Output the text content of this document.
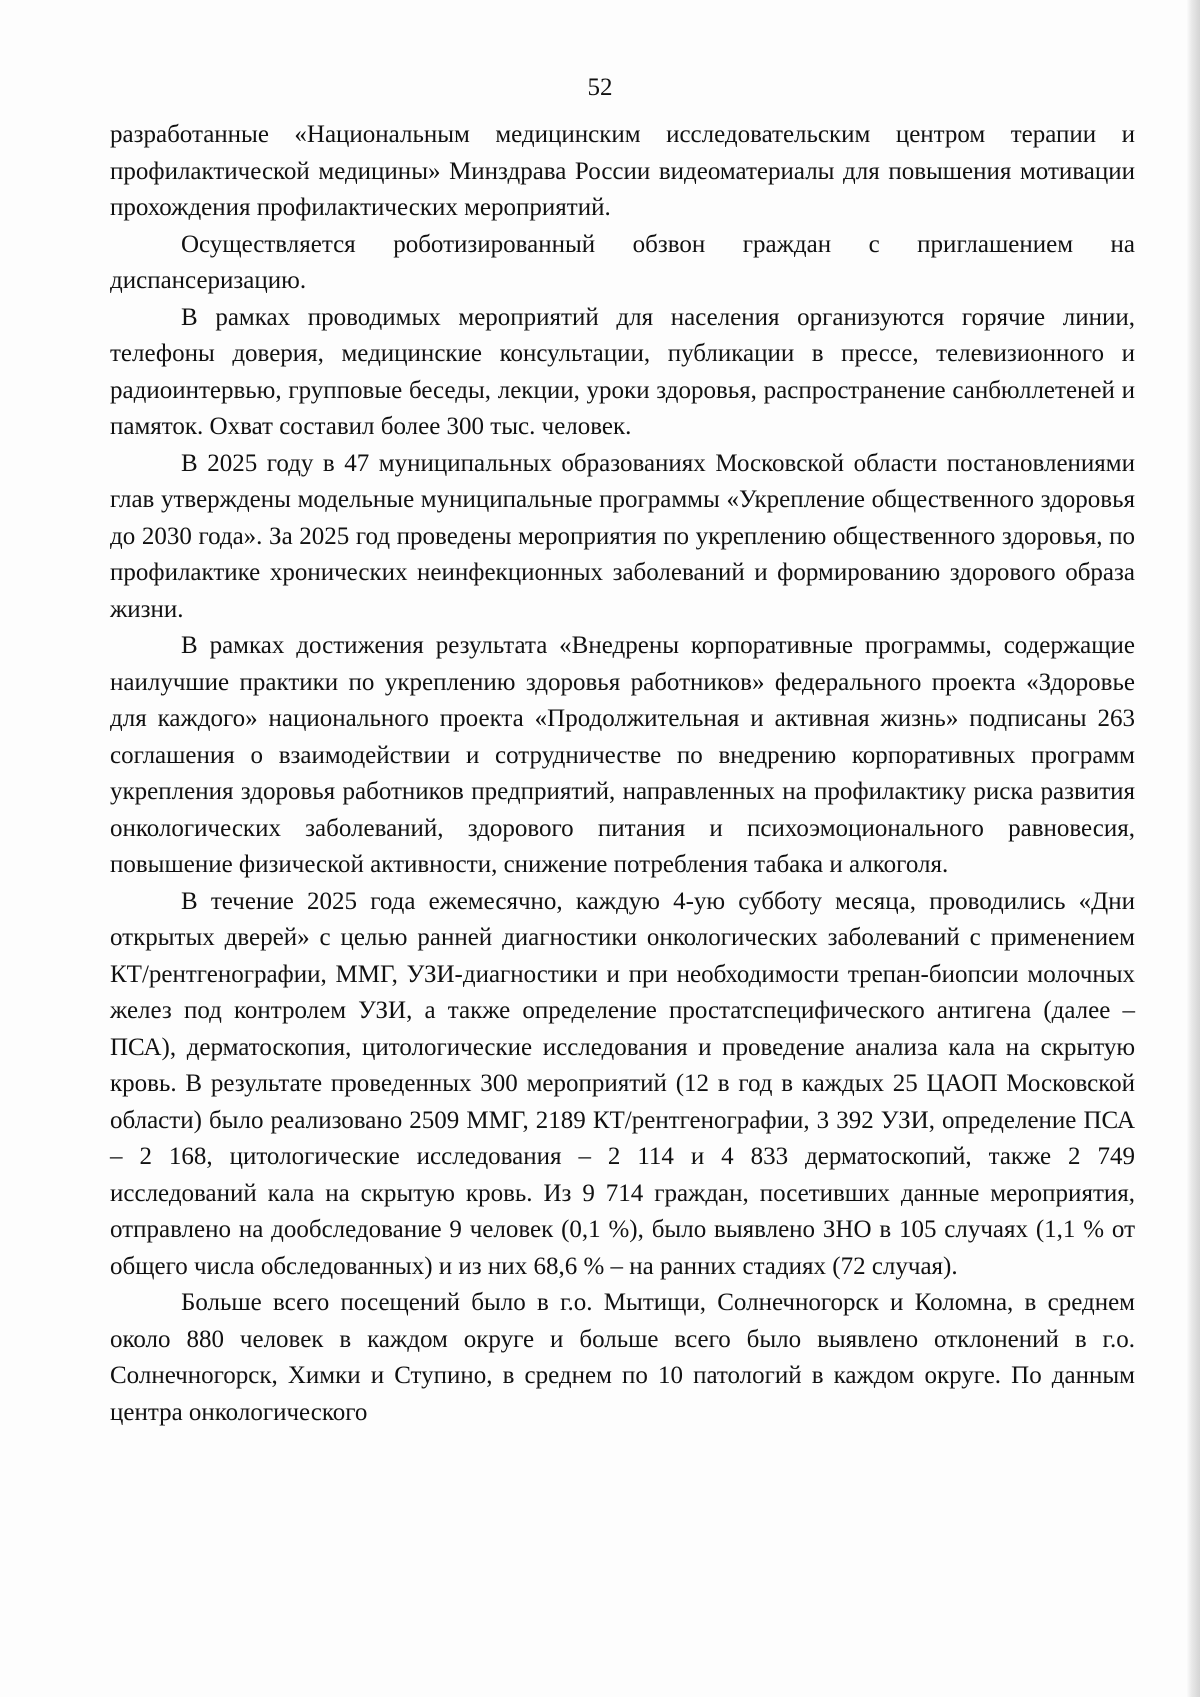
52

разработанные «Национальным медицинским исследовательским центром терапии и профилактической медицины» Минздрава России видеоматериалы для повышения мотивации прохождения профилактических мероприятий.

Осуществляется роботизированный обзвон граждан с приглашением на диспансеризацию.

В рамках проводимых мероприятий для населения организуются горячие линии, телефоны доверия, медицинские консультации, публикации в прессе, телевизионного и радиоинтервью, групповые беседы, лекции, уроки здоровья, распространение санбюллетеней и памяток. Охват составил более 300 тыс. человек.

В 2025 году в 47 муниципальных образованиях Московской области постановлениями глав утверждены модельные муниципальные программы «Укрепление общественного здоровья до 2030 года». За 2025 год проведены мероприятия по укреплению общественного здоровья, по профилактике хронических неинфекционных заболеваний и формированию здорового образа жизни.

В рамках достижения результата «Внедрены корпоративные программы, содержащие наилучшие практики по укреплению здоровья работников» федерального проекта «Здоровье для каждого» национального проекта «Продолжительная и активная жизнь» подписаны 263 соглашения о взаимодействии и сотрудничестве по внедрению корпоративных программ укрепления здоровья работников предприятий, направленных на профилактику риска развития онкологических заболеваний, здорового питания и психоэмоционального равновесия, повышение физической активности, снижение потребления табака и алкоголя.

В течение 2025 года ежемесячно, каждую 4-ую субботу месяца, проводились «Дни открытых дверей» с целью ранней диагностики онкологических заболеваний с применением КТ/рентгенографии, ММГ, УЗИ-диагностики и при необходимости трепан-биопсии молочных желез под контролем УЗИ, а также определение простатспецифического антигена (далее – ПСА), дерматоскопия, цитологические исследования и проведение анализа кала на скрытую кровь. В результате проведенных 300 мероприятий (12 в год в каждых 25 ЦАОП Московской области) было реализовано 2509 ММГ, 2189 КТ/рентгенографии, 3 392 УЗИ, определение ПСА – 2 168, цитологические исследования – 2 114 и 4 833 дерматоскопий, также 2 749 исследований кала на скрытую кровь. Из 9 714 граждан, посетивших данные мероприятия, отправлено на дообследование 9 человек (0,1 %), было выявлено ЗНО в 105 случаях (1,1 % от общего числа обследованных) и из них 68,6 % – на ранних стадиях (72 случая).

Больше всего посещений было в г.о. Мытищи, Солнечногорск и Коломна, в среднем около 880 человек в каждом округе и больше всего было выявлено отклонений в г.о. Солнечногорск, Химки и Ступино, в среднем по 10 патологий в каждом округе. По данным центра онкологического
